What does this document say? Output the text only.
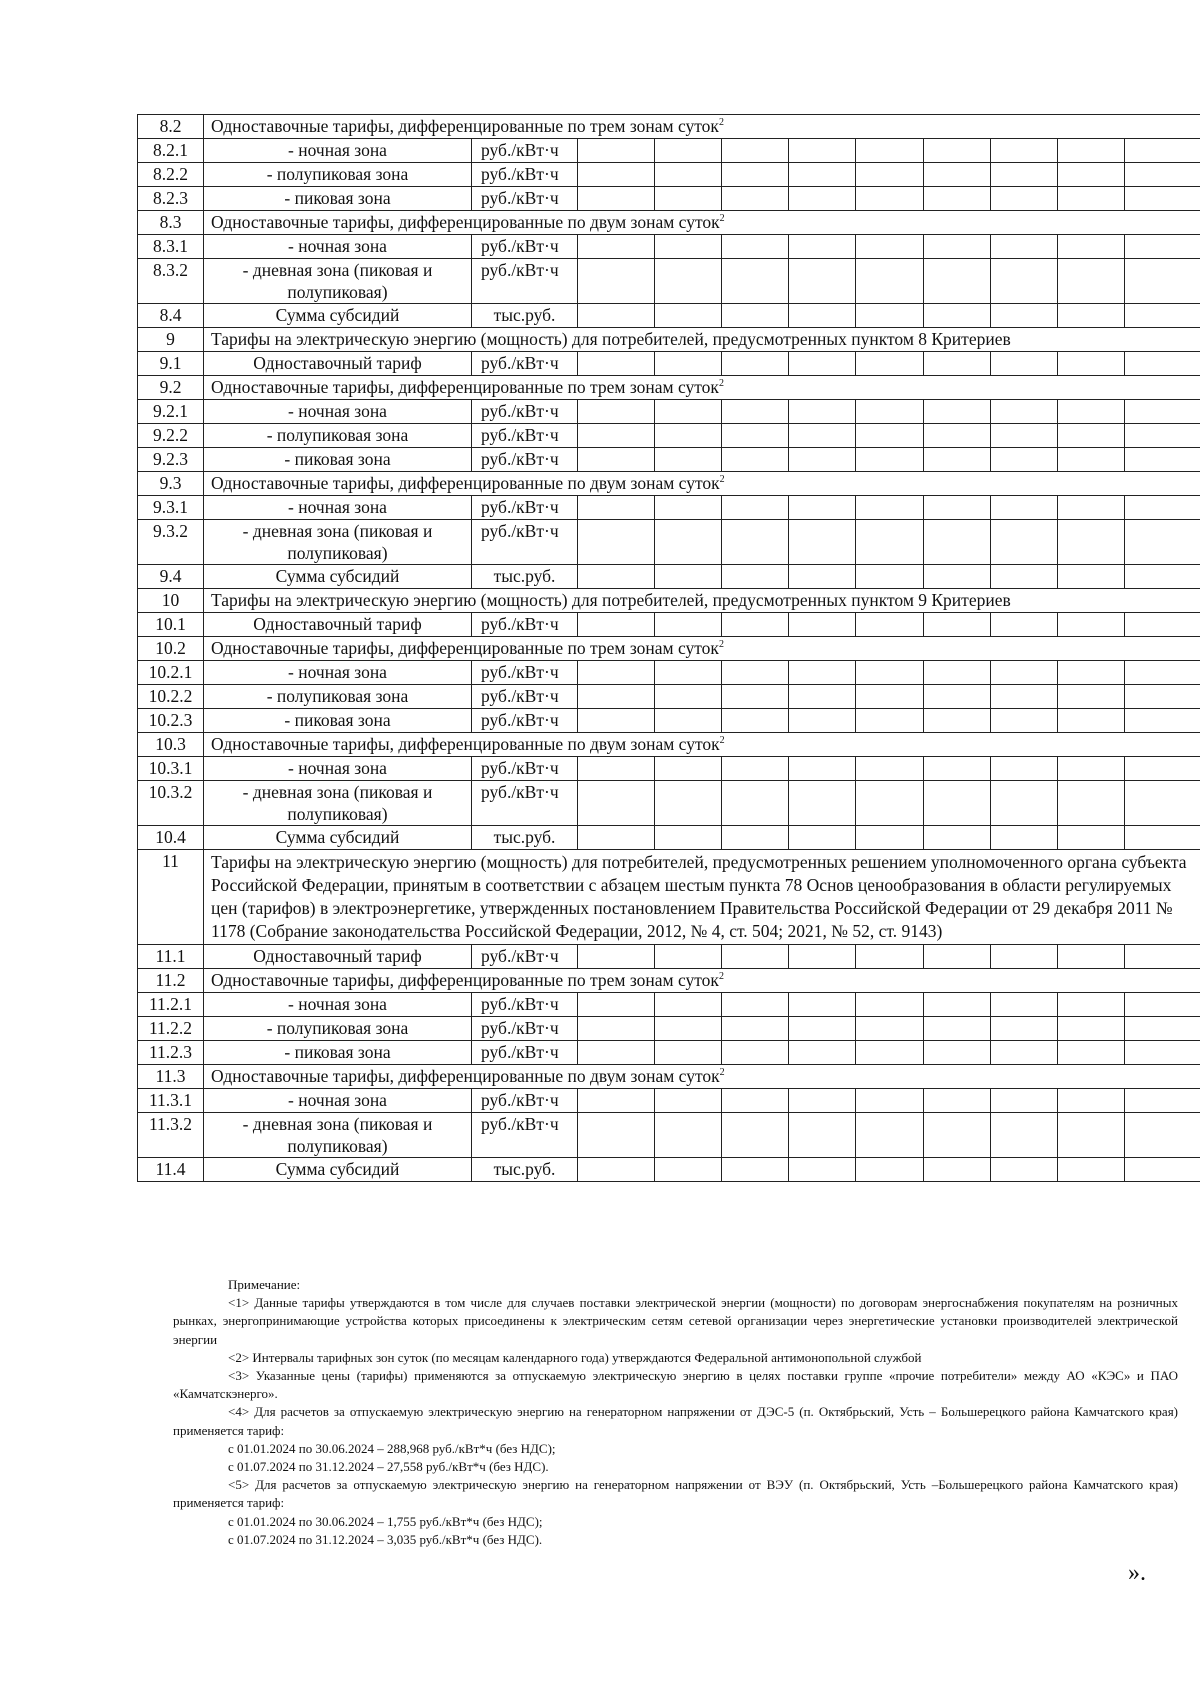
8.2	Одноставочные тарифы, дифференцированные по трем зонам суток$^2$
8.2.1	- ночная зона	руб./кВт·ч									
8.2.2	- полупиковая зона	руб./кВт·ч									
8.2.3	- пиковая зона	руб./кВт·ч									
8.3	Одноставочные тарифы, дифференцированные по двум зонам суток$^2$
8.3.1	- ночная зона	руб./кВт·ч									
8.3.2	- дневная зона (пиковая и полупиковая)	руб./кВт·ч									
8.4	Сумма субсидий	тыс.руб.									
9	Тарифы на электрическую энергию (мощность) для потребителей, предусмотренных пунктом 8 Критериев										
9.1	Одноставочный тариф	руб./кВт·ч									
9.2	Одноставочные тарифы, дифференцированные по трем зонам суток$^2$
9.2.1	- ночная зона	руб./кВт·ч									
9.2.2	- полупиковая зона	руб./кВт·ч									
9.2.3	- пиковая зона	руб./кВт·ч									
9.3	Одноставочные тарифы, дифференцированные по двум зонам суток$^2$
9.3.1	- ночная зона	руб./кВт·ч									
9.3.2	- дневная зона (пиковая и полупиковая)	руб./кВт·ч									
9.4	Сумма субсидий	тыс.руб.									
10	Тарифы на электрическую энергию (мощность) для потребителей, предусмотренных пунктом 9 Критериев										
10.1	Одноставочный тариф	руб./кВт·ч									
10.2	Одноставочные тарифы, дифференцированные по трем зонам суток$^2$
10.2.1	- ночная зона	руб./кВт·ч									
10.2.2	- полупиковая зона	руб./кВт·ч									
10.2.3	- пиковая зона	руб./кВт·ч									
10.3	Одноставочные тарифы, дифференцированные по двум зонам суток$^2$
10.3.1	- ночная зона	руб./кВт·ч									
10.3.2	- дневная зона (пиковая и полупиковая)	руб./кВт·ч									
10.4	Сумма субсидий	тыс.руб.									
11	Тарифы на электрическую энергию (мощность) для потребителей, предусмотренных решением уполномоченного органа субъекта Российской Федерации, принятым в соответствии с абзацем шестым пункта 78 Основ ценообразования в области регулируемых цен (тарифов) в электроэнергетике, утвержденных постановлением Правительства Российской Федерации от 29 декабря 2011 № 1178 (Собрание законодательства Российской Федерации, 2012, № 4, ст. 504; 2021, № 52, ст. 9143)										
11.1	Одноставочный тариф	руб./кВт·ч									
11.2	Одноставочные тарифы, дифференцированные по трем зонам суток$^2$
11.2.1	- ночная зона	руб./кВт·ч									
11.2.2	- полупиковая зона	руб./кВт·ч									
11.2.3	- пиковая зона	руб./кВт·ч									
11.3	Одноставочные тарифы, дифференцированные по двум зонам суток$^2$
11.3.1	- ночная зона	руб./кВт·ч									
11.3.2	- дневная зона (пиковая и полупиковая)	руб./кВт·ч									
11.4	Сумма субсидий	тыс.руб.									

Примечание:

<1> Данные тарифы утверждаются в том числе для случаев поставки электрической энергии (мощности) по договорам энергоснабжения покупателям на розничных рынках, энергопринимающие устройства которых присоединены к электрическим сетям сетевой организации через энергетические установки производителей электрической энергии

<2> Интервалы тарифных зон суток (по месяцам календарного года) утверждаются Федеральной антимонопольной службой

<3> Указанные цены (тарифы) применяются за отпускаемую электрическую энергию в целях поставки группе «прочие потребители» между АО «КЭС» и ПАО «Камчатскэнерго».

<4> Для расчетов за отпускаемую электрическую энергию на генераторном напряжении от ДЭС-5 (п. Октябрьский, Усть – Большерецкого района Камчатского края) применяется тариф:

с 01.01.2024 по 30.06.2024 – 288,968 руб./кВт*ч (без НДС);

с 01.07.2024 по 31.12.2024 – 27,558 руб./кВт*ч (без НДС).

<5> Для расчетов за отпускаемую электрическую энергию на генераторном напряжении от ВЭУ (п. Октябрьский, Усть –Большерецкого района Камчатского края) применяется тариф:

с 01.01.2024 по 30.06.2024 – 1,755 руб./кВт*ч (без НДС);

с 01.07.2024 по 31.12.2024 – 3,035 руб./кВт*ч (без НДС).

».
